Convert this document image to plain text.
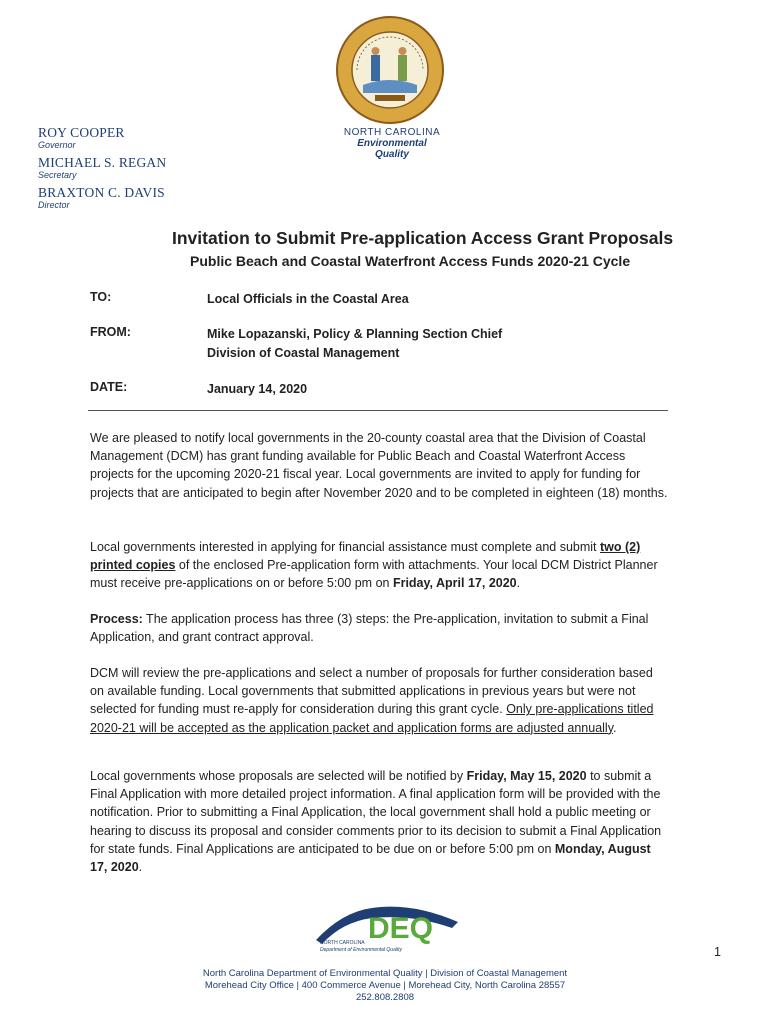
NORTH CAROLINA
Environmental Quality
ROY COOPER
Governor
MICHAEL S. REGAN
Secretary
BRAXTON C. DAVIS
Director
Invitation to Submit Pre-application Access Grant Proposals
Public Beach and Coastal Waterfront Access Funds 2020-21 Cycle
TO:	Local Officials in the Coastal Area
FROM:	Mike Lopazanski, Policy & Planning Section Chief
Division of Coastal Management
DATE:	January 14, 2020

We are pleased to notify local governments in the 20-county coastal area that the Division of Coastal Management (DCM) has grant funding available for Public Beach and Coastal Waterfront Access projects for the upcoming 2020-21 fiscal year. Local governments are invited to apply for funding for projects that are anticipated to begin after November 2020 and to be completed in eighteen (18) months.

Local governments interested in applying for financial assistance must complete and submit two (2) printed copies of the enclosed Pre-application form with attachments. Your local DCM District Planner must receive pre-applications on or before 5:00 pm on Friday, April 17, 2020.

Process: The application process has three (3) steps: the Pre-application, invitation to submit a Final Application, and grant contract approval.

DCM will review the pre-applications and select a number of proposals for further consideration based on available funding. Local governments that submitted applications in previous years but were not selected for funding must re-apply for consideration during this grant cycle. Only pre-applications titled 2020-21 will be accepted as the application packet and application forms are adjusted annually.

Local governments whose proposals are selected will be notified by Friday, May 15, 2020 to submit a Final Application with more detailed project information. A final application form will be provided with the notification. Prior to submitting a Final Application, the local government shall hold a public meeting or hearing to discuss its proposal and consider comments prior to its decision to submit a Final Application for state funds. Final Applications are anticipated to be due on or before 5:00 pm on Monday, August 17, 2020.

DEQ
NORTH CAROLINA
Department of Environmental Quality	1
North Carolina Department of Environmental Quality | Division of Coastal Management
Morehead City Office | 400 Commerce Avenue | Morehead City, North Carolina 28557
252.808.2808
